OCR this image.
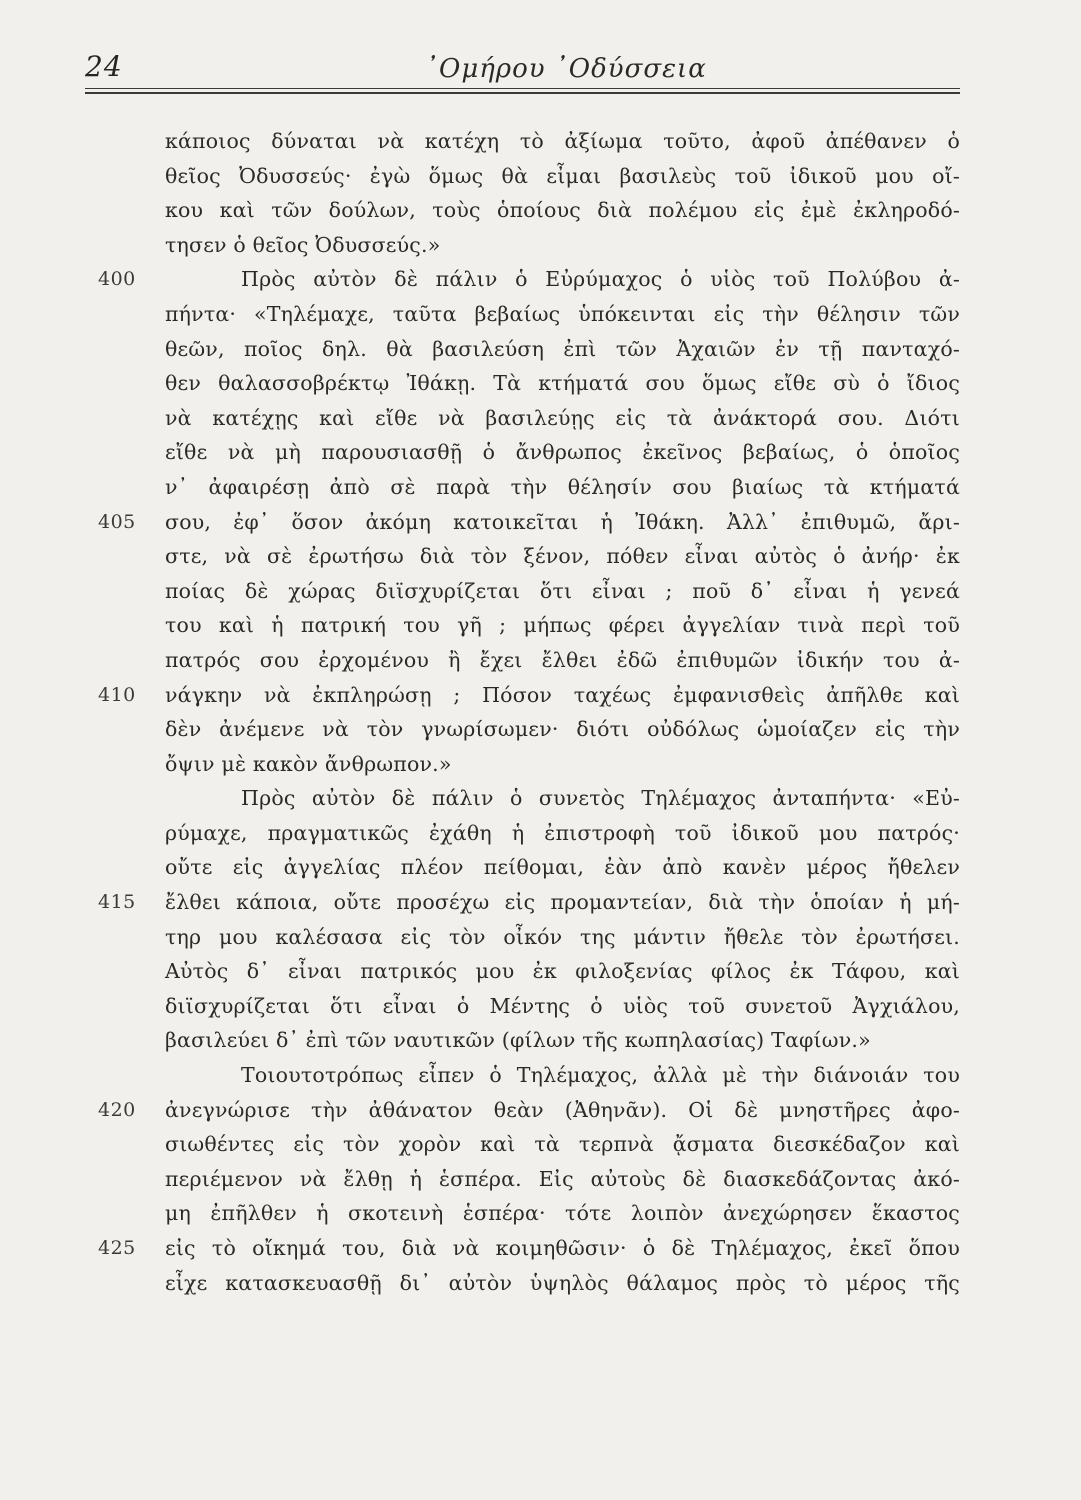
24	᾿Ομήρου ᾿Οδύσσεια
κάποιος δύναται νὰ κατέχη τὸ ἀξίωμα τοῦτο, ἀφοῦ ἀπέθανεν ὁ
θεῖος Ὀδυσσεύς· ἐγὼ ὅμως θὰ εἶμαι βασιλεὺς τοῦ ἰδικοῦ μου οἴ-
κου καὶ τῶν δούλων, τοὺς ὁποίους διὰ πολέμου εἰς ἐμὲ ἐκληροδό-
τησεν ὁ θεῖος Ὀδυσσεύς.»
400	Πρὸς αὐτὸν δὲ πάλιν ὁ Εὐρύμαχος ὁ υἱὸς τοῦ Πολύβου ἀ-
πήντα· «Τηλέμαχε, ταῦτα βεβαίως ὑπόκεινται εἰς τὴν θέλησιν τῶν
θεῶν, ποῖος δηλ. θὰ βασιλεύση ἐπὶ τῶν Ἀχαιῶν ἐν τῇ πανταχό-
θεν θαλασσοβρέκτῳ Ἰθάκῃ. Τὰ κτήματά σου ὅμως εἴθε σὺ ὁ ἴδιος
νὰ κατέχῃς καὶ εἴθε νὰ βασιλεύῃς εἰς τὰ ἀνάκτορά σου. Διότι
εἴθε νὰ μὴ παρουσιασθῇ ὁ ἄνθρωπος ἐκεῖνος βεβαίως, ὁ ὁποῖος
ν᾿ ἀφαιρέσῃ ἀπὸ σὲ παρὰ τὴν θέλησίν σου βιαίως τὰ κτήματά
405 σου, ἐφ᾿ ὅσον ἀκόμη κατοικεῖται ἡ Ἰθάκη. Ἀλλ᾿ ἐπιθυμῶ, ἄρι-
στε, νὰ σὲ ἐρωτήσω διὰ τὸν ξένον, πόθεν εἶναι αὐτὸς ὁ ἀνήρ· ἐκ
ποίας δὲ χώρας διϊσχυρίζεται ὅτι εἶναι ; ποῦ δ᾿ εἶναι ἡ γενεά
του καὶ ἡ πατρική του γῆ ; μήπως φέρει ἀγγελίαν τινὰ περὶ τοῦ
πατρός σου ἐρχομένου ἢ ἔχει ἔλθει ἐδῶ ἐπιθυμῶν ἰδικήν του ἀ-
410 νάγκην νὰ ἐκπληρώσῃ ; Πόσον ταχέως ἐμφανισθεὶς ἀπῆλθε καὶ
δὲν ἀνέμενε νὰ τὸν γνωρίσωμεν· διότι οὐδόλως ὡμοίαζεν εἰς τὴν
ὄψιν μὲ κακὸν ἄνθρωπον.»
Πρὸς αὐτὸν δὲ πάλιν ὁ συνετὸς Τηλέμαχος ἀνταπήντα· «Εὐ-
ρύμαχε, πραγματικῶς ἐχάθη ἡ ἐπιστροφὴ τοῦ ἰδικοῦ μου πατρός·
οὔτε εἰς ἀγγελίας πλέον πείθομαι, ἐὰν ἀπὸ κανὲν μέρος ἤθελεν
415 ἔλθει κάποια, οὔτε προσέχω εἰς προμαντείαν, διὰ τὴν ὁποίαν ἡ μή-
τηρ μου καλέσασα εἰς τὸν οἶκόν της μάντιν ἤθελε τὸν ἐρωτήσει.
Αὐτὸς δ᾿ εἶναι πατρικός μου ἐκ φιλοξενίας φίλος ἐκ Τάφου, καὶ
διϊσχυρίζεται ὅτι εἶναι ὁ Μέντης ὁ υἱὸς τοῦ συνετοῦ Ἀγχιάλου,
βασιλεύει δ᾿ ἐπὶ τῶν ναυτικῶν (φίλων τῆς κωπηλασίας) Ταφίων.»
Τοιουτοτρόπως εἶπεν ὁ Τηλέμαχος, ἀλλὰ μὲ τὴν διάνοιάν του
420 ἀνεγνώρισε τὴν ἀθάνατον θεὰν (Ἀθηνᾶν). Οἱ δὲ μνηστῆρες ἀφο-
σιωθέντες εἰς τὸν χορὸν καὶ τὰ τερπνὰ ᾄσματα διεσκέδαζον καὶ
περιέμενον νὰ ἔλθῃ ἡ ἑσπέρα. Εἰς αὐτοὺς δὲ διασκεδάζοντας ἀκό-
μη ἐπῆλθεν ἡ σκοτεινὴ ἑσπέρα· τότε λοιπὸν ἀνεχώρησεν ἕκαστος
425 εἰς τὸ οἴκημά του, διὰ νὰ κοιμηθῶσιν· ὁ δὲ Τηλέμαχος, ἐκεῖ ὅπου
εἶχε κατασκευασθῇ δι᾿ αὐτὸν ὑψηλὸς θάλαμος πρὸς τὸ μέρος τῆς
